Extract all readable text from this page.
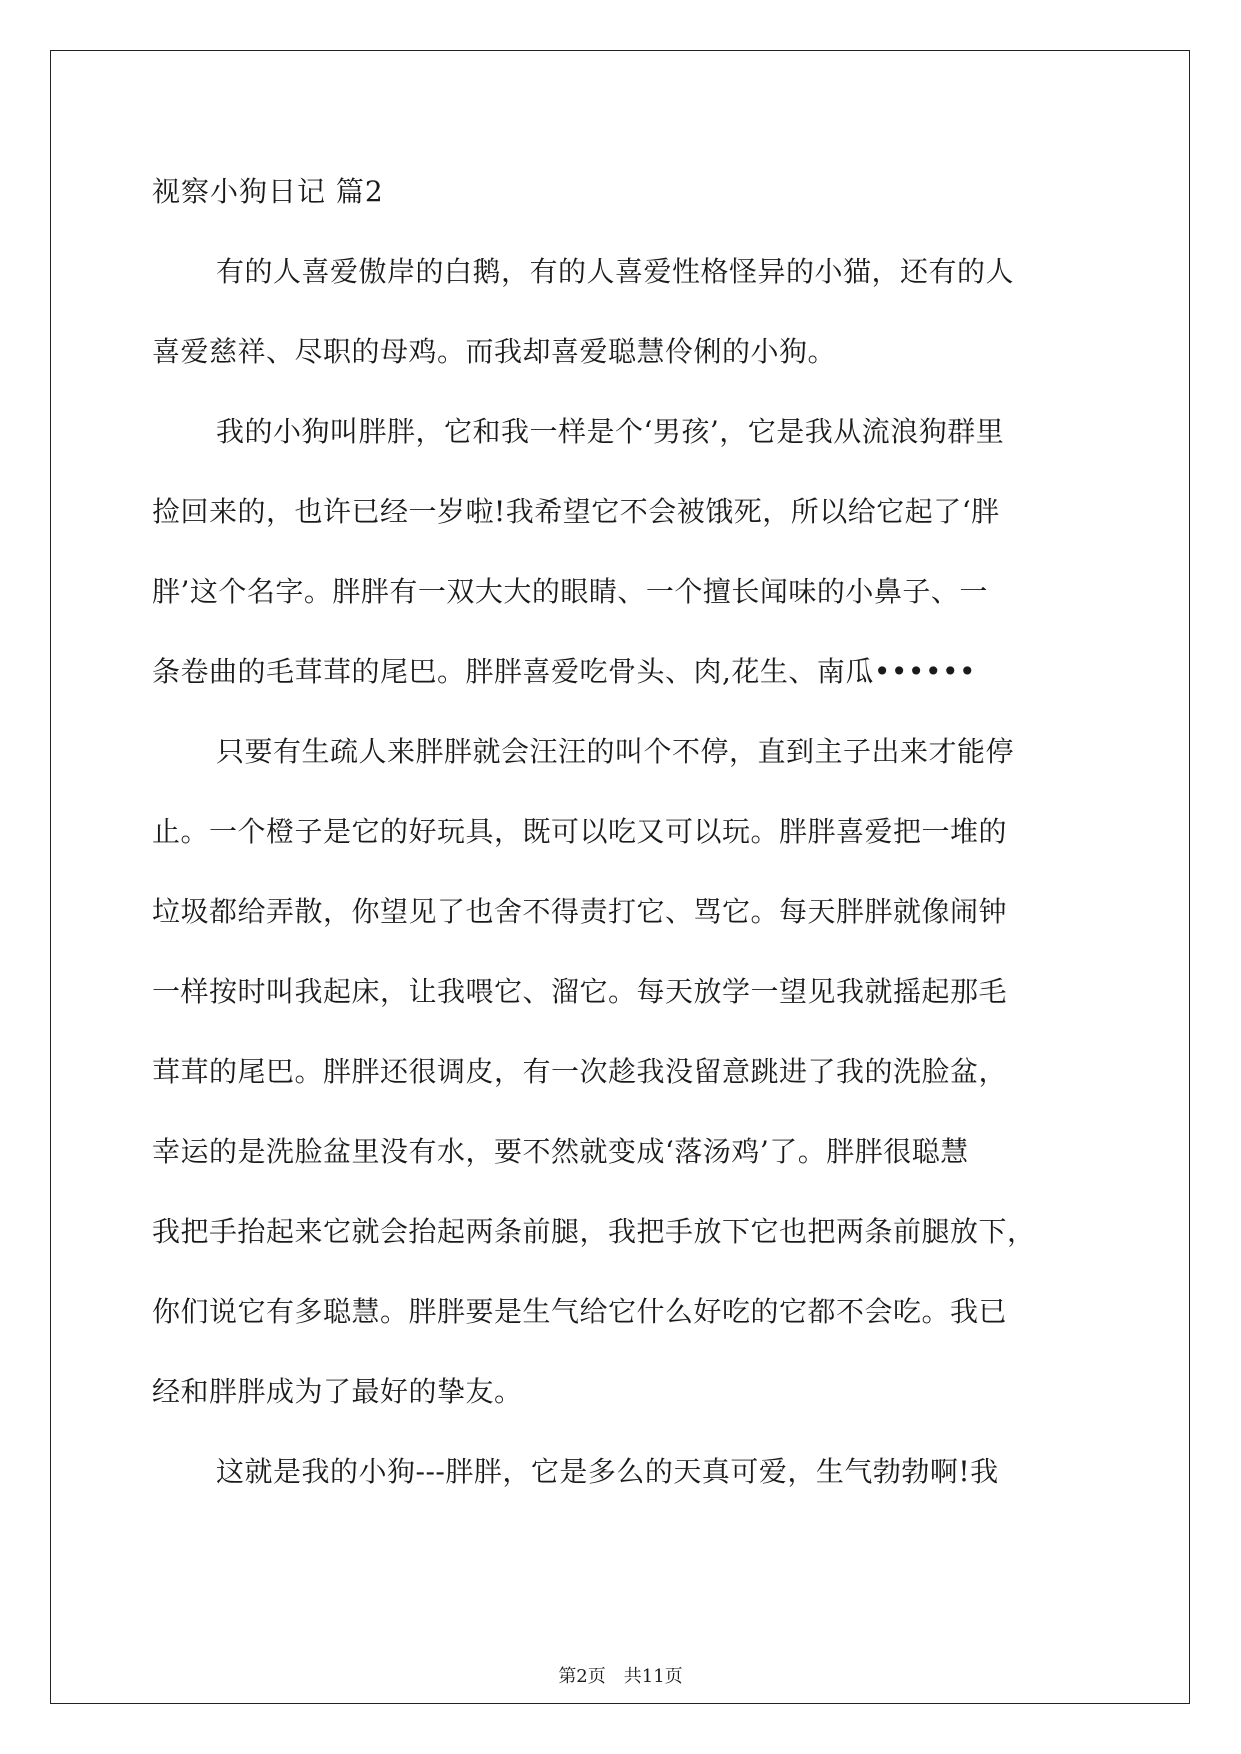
视察小狗日记 篇2
有的人喜爱傲岸的白鹅，有的人喜爱性格怪异的小猫，还有的人
喜爱慈祥、尽职的母鸡。而我却喜爱聪慧伶俐的小狗。
我的小狗叫胖胖，它和我一样是个‘男孩’，它是我从流浪狗群里
捡回来的，也许已经一岁啦!我希望它不会被饿死，所以给它起了‘胖
胖’这个名字。胖胖有一双大大的眼睛、一个擅长闻味的小鼻子、一
条卷曲的毛茸茸的尾巴。胖胖喜爱吃骨头、肉,花生、南瓜••••••
只要有生疏人来胖胖就会汪汪的叫个不停，直到主子出来才能停
止。一个橙子是它的好玩具，既可以吃又可以玩。胖胖喜爱把一堆的
垃圾都给弄散，你望见了也舍不得责打它、骂它。每天胖胖就像闹钟
一样按时叫我起床，让我喂它、溜它。每天放学一望见我就摇起那毛
茸茸的尾巴。胖胖还很调皮，有一次趁我没留意跳进了我的洗脸盆，
幸运的是洗脸盆里没有水，要不然就变成‘落汤鸡’了。胖胖很聪慧
我把手抬起来它就会抬起两条前腿，我把手放下它也把两条前腿放下，
你们说它有多聪慧。胖胖要是生气给它什么好吃的它都不会吃。我已
经和胖胖成为了最好的挚友。
这就是我的小狗---胖胖，它是多么的天真可爱，生气勃勃啊!我
第2页　共11页
